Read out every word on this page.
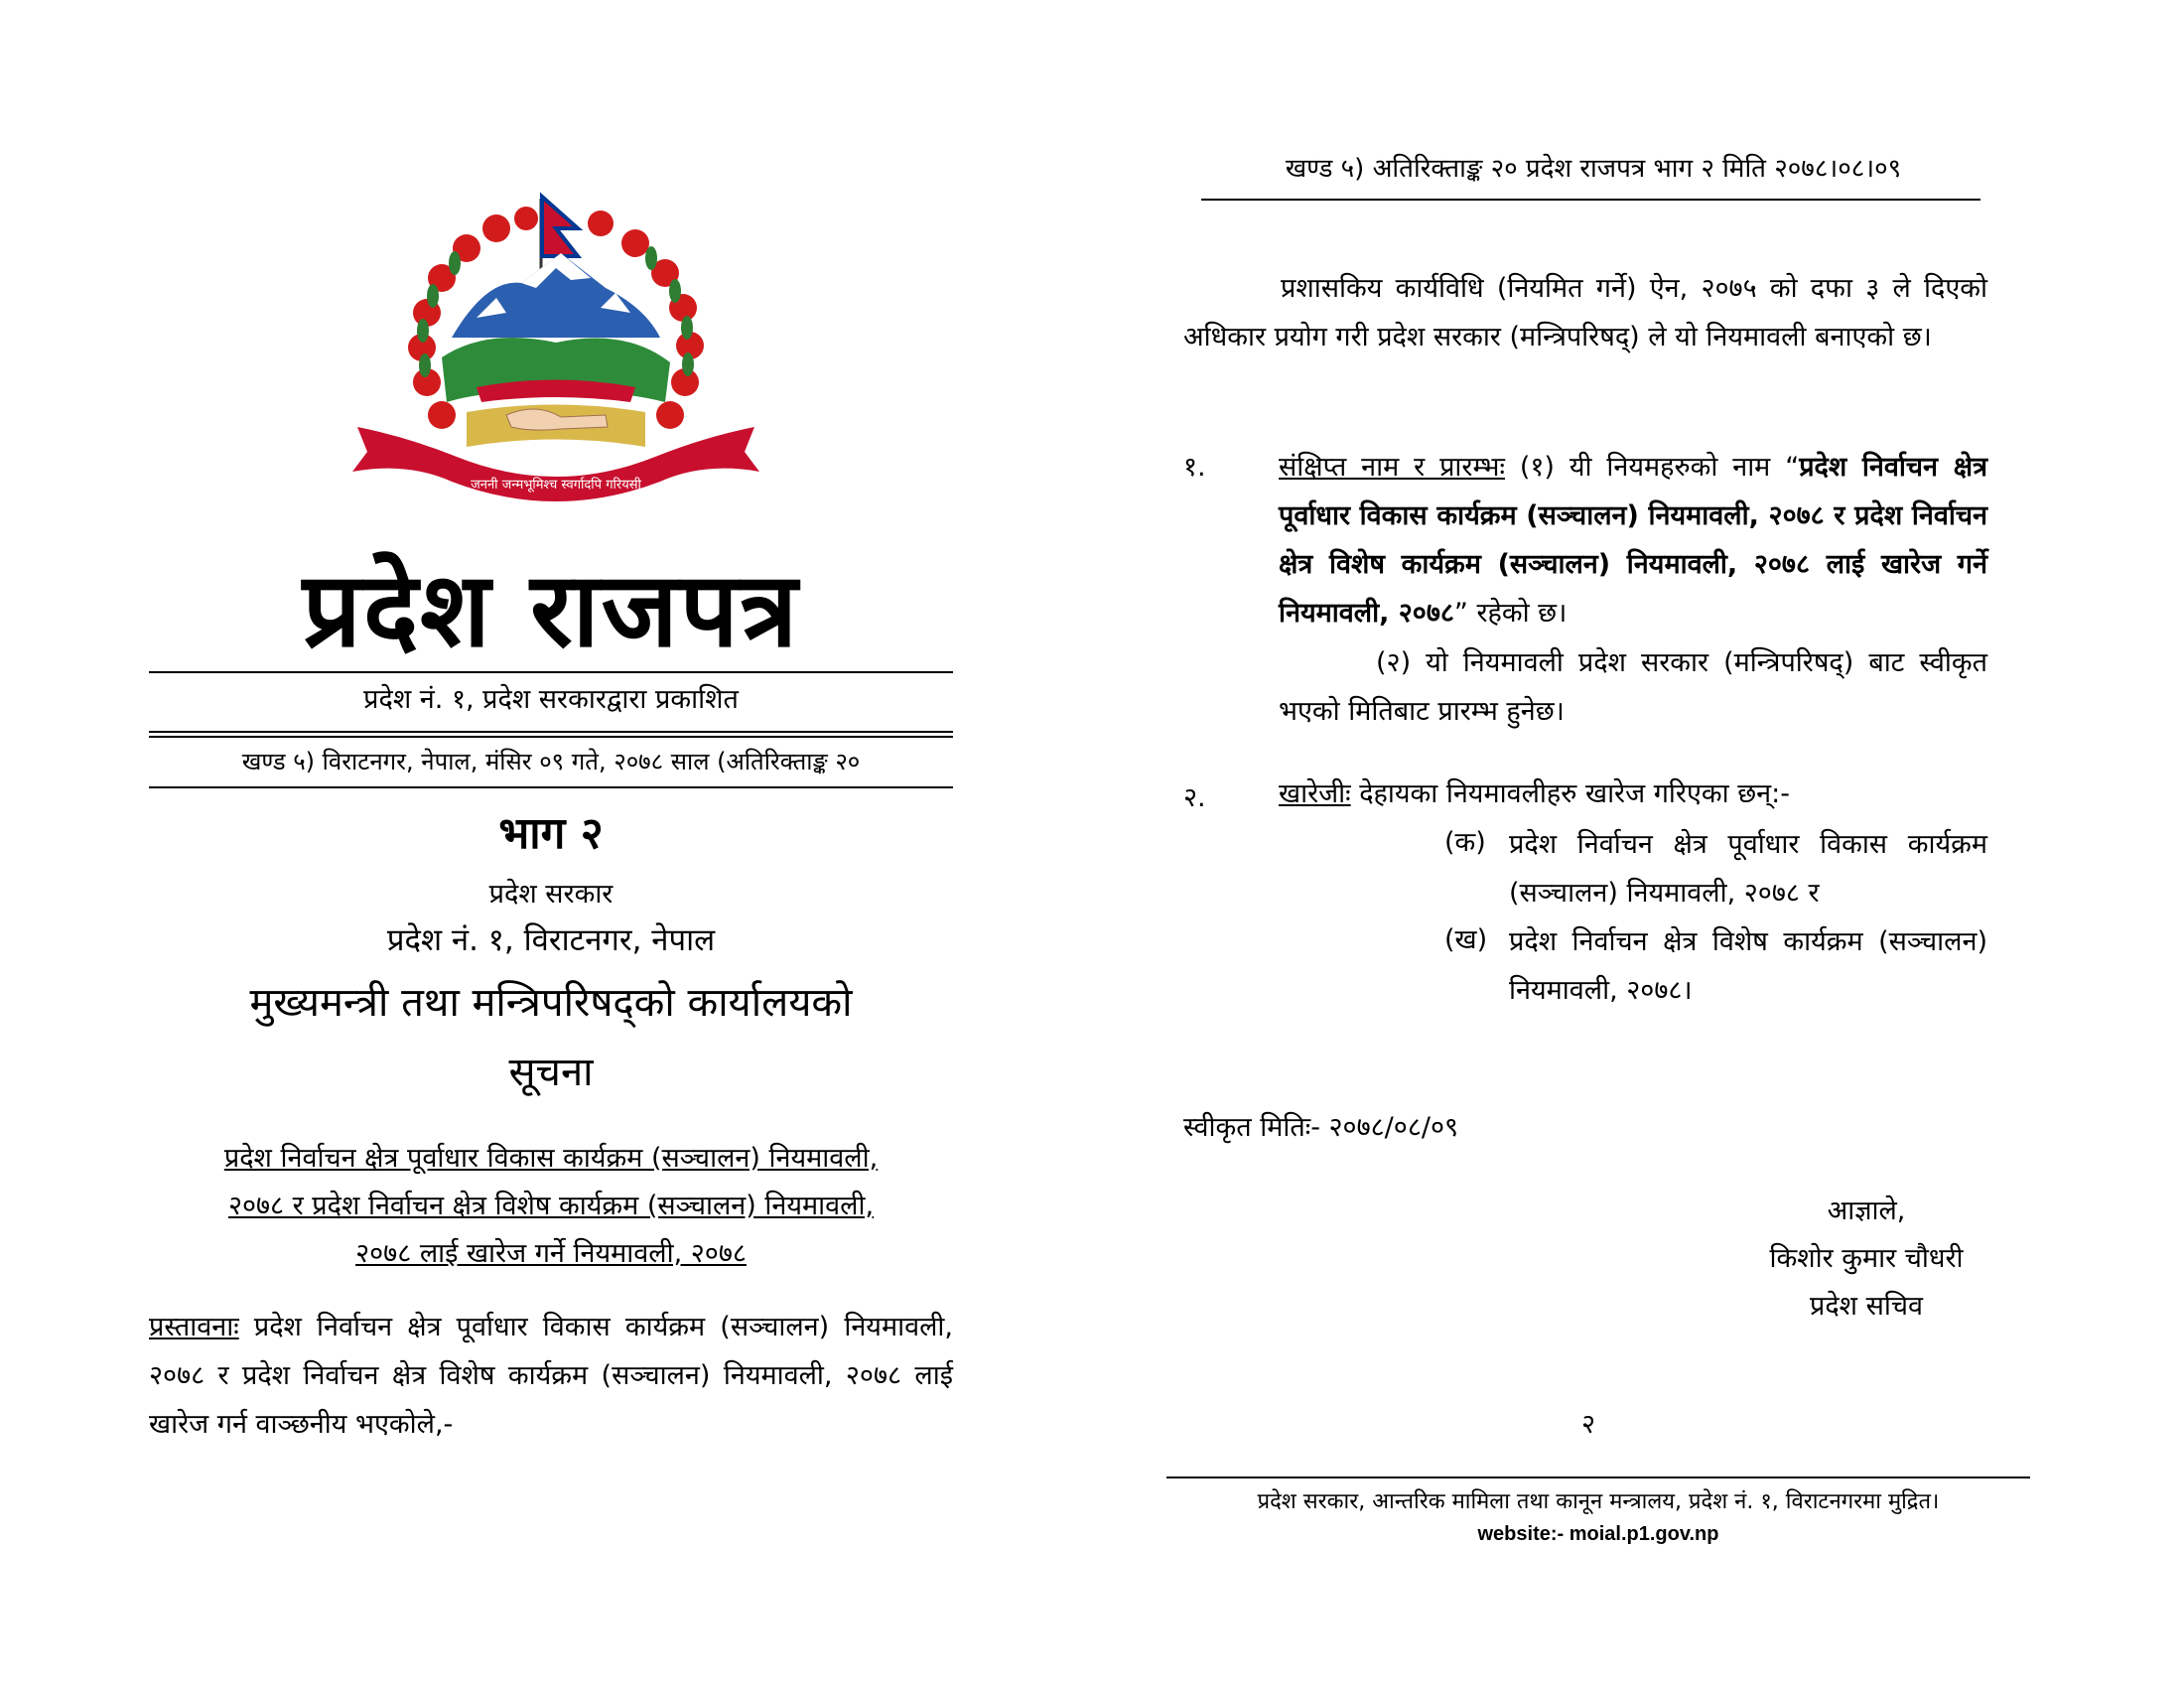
जननी जन्मभूमिश्च स्वर्गादपि गरियसी
प्रदेश राजपत्र
प्रदेश नं. १, प्रदेश सरकारद्वारा प्रकाशित
खण्ड ५) विराटनगर, नेपाल, मंसिर ०९ गते, २०७८ साल (अतिरिक्ताङ्क २०
भाग २
प्रदेश सरकार
प्रदेश नं. १, विराटनगर, नेपाल
मुख्यमन्त्री तथा मन्त्रिपरिषद्को कार्यालयको
सूचना
प्रदेश निर्वाचन क्षेत्र पूर्वाधार विकास कार्यक्रम (सञ्चालन) नियमावली,
२०७८ र प्रदेश निर्वाचन क्षेत्र विशेष कार्यक्रम (सञ्चालन) नियमावली,
२०७८ लाई खारेज गर्ने नियमावली, २०७८
प्रस्तावनाः प्रदेश निर्वाचन क्षेत्र पूर्वाधार विकास कार्यक्रम (सञ्चालन) नियमावली, २०७८ र प्रदेश निर्वाचन क्षेत्र विशेष कार्यक्रम (सञ्चालन) नियमावली, २०७८ लाई खारेज गर्न वाञ्छनीय भएकोले,-
खण्ड ५) अतिरिक्ताङ्क २० प्रदेश राजपत्र भाग २ मिति २०७८।०८।०९
प्रशासकिय कार्यविधि (नियमित गर्ने) ऐन, २०७५ को दफा ३ ले दिएको अधिकार प्रयोग गरी प्रदेश सरकार (मन्त्रिपरिषद्) ले यो नियमावली बनाएको छ।
१.	संक्षिप्त नाम र प्रारम्भः (१) यी नियमहरुको नाम “प्रदेश निर्वाचन क्षेत्र पूर्वाधार विकास कार्यक्रम (सञ्चालन) नियमावली, २०७८ र प्रदेश निर्वाचन क्षेत्र विशेष कार्यक्रम (सञ्चालन) नियमावली, २०७८ लाई खारेज गर्ने नियमावली, २०७८” रहेको छ।
(२) यो नियमावली प्रदेश सरकार (मन्त्रिपरिषद्) बाट स्वीकृत भएको मितिबाट प्रारम्भ हुनेछ।
२.	खारेजीः देहायका नियमावलीहरु खारेज गरिएका छन्:-
(क) प्रदेश निर्वाचन क्षेत्र पूर्वाधार विकास कार्यक्रम (सञ्चालन) नियमावली, २०७८ र
(ख) प्रदेश निर्वाचन क्षेत्र विशेष कार्यक्रम (सञ्चालन) नियमावली, २०७८।
स्वीकृत मितिः- २०७८/०८/०९
आज्ञाले,
किशोर कुमार चौधरी
प्रदेश सचिव
२
प्रदेश सरकार, आन्तरिक मामिला तथा कानून मन्त्रालय, प्रदेश नं. १, विराटनगरमा मुद्रित।
website:- moial.p1.gov.np
